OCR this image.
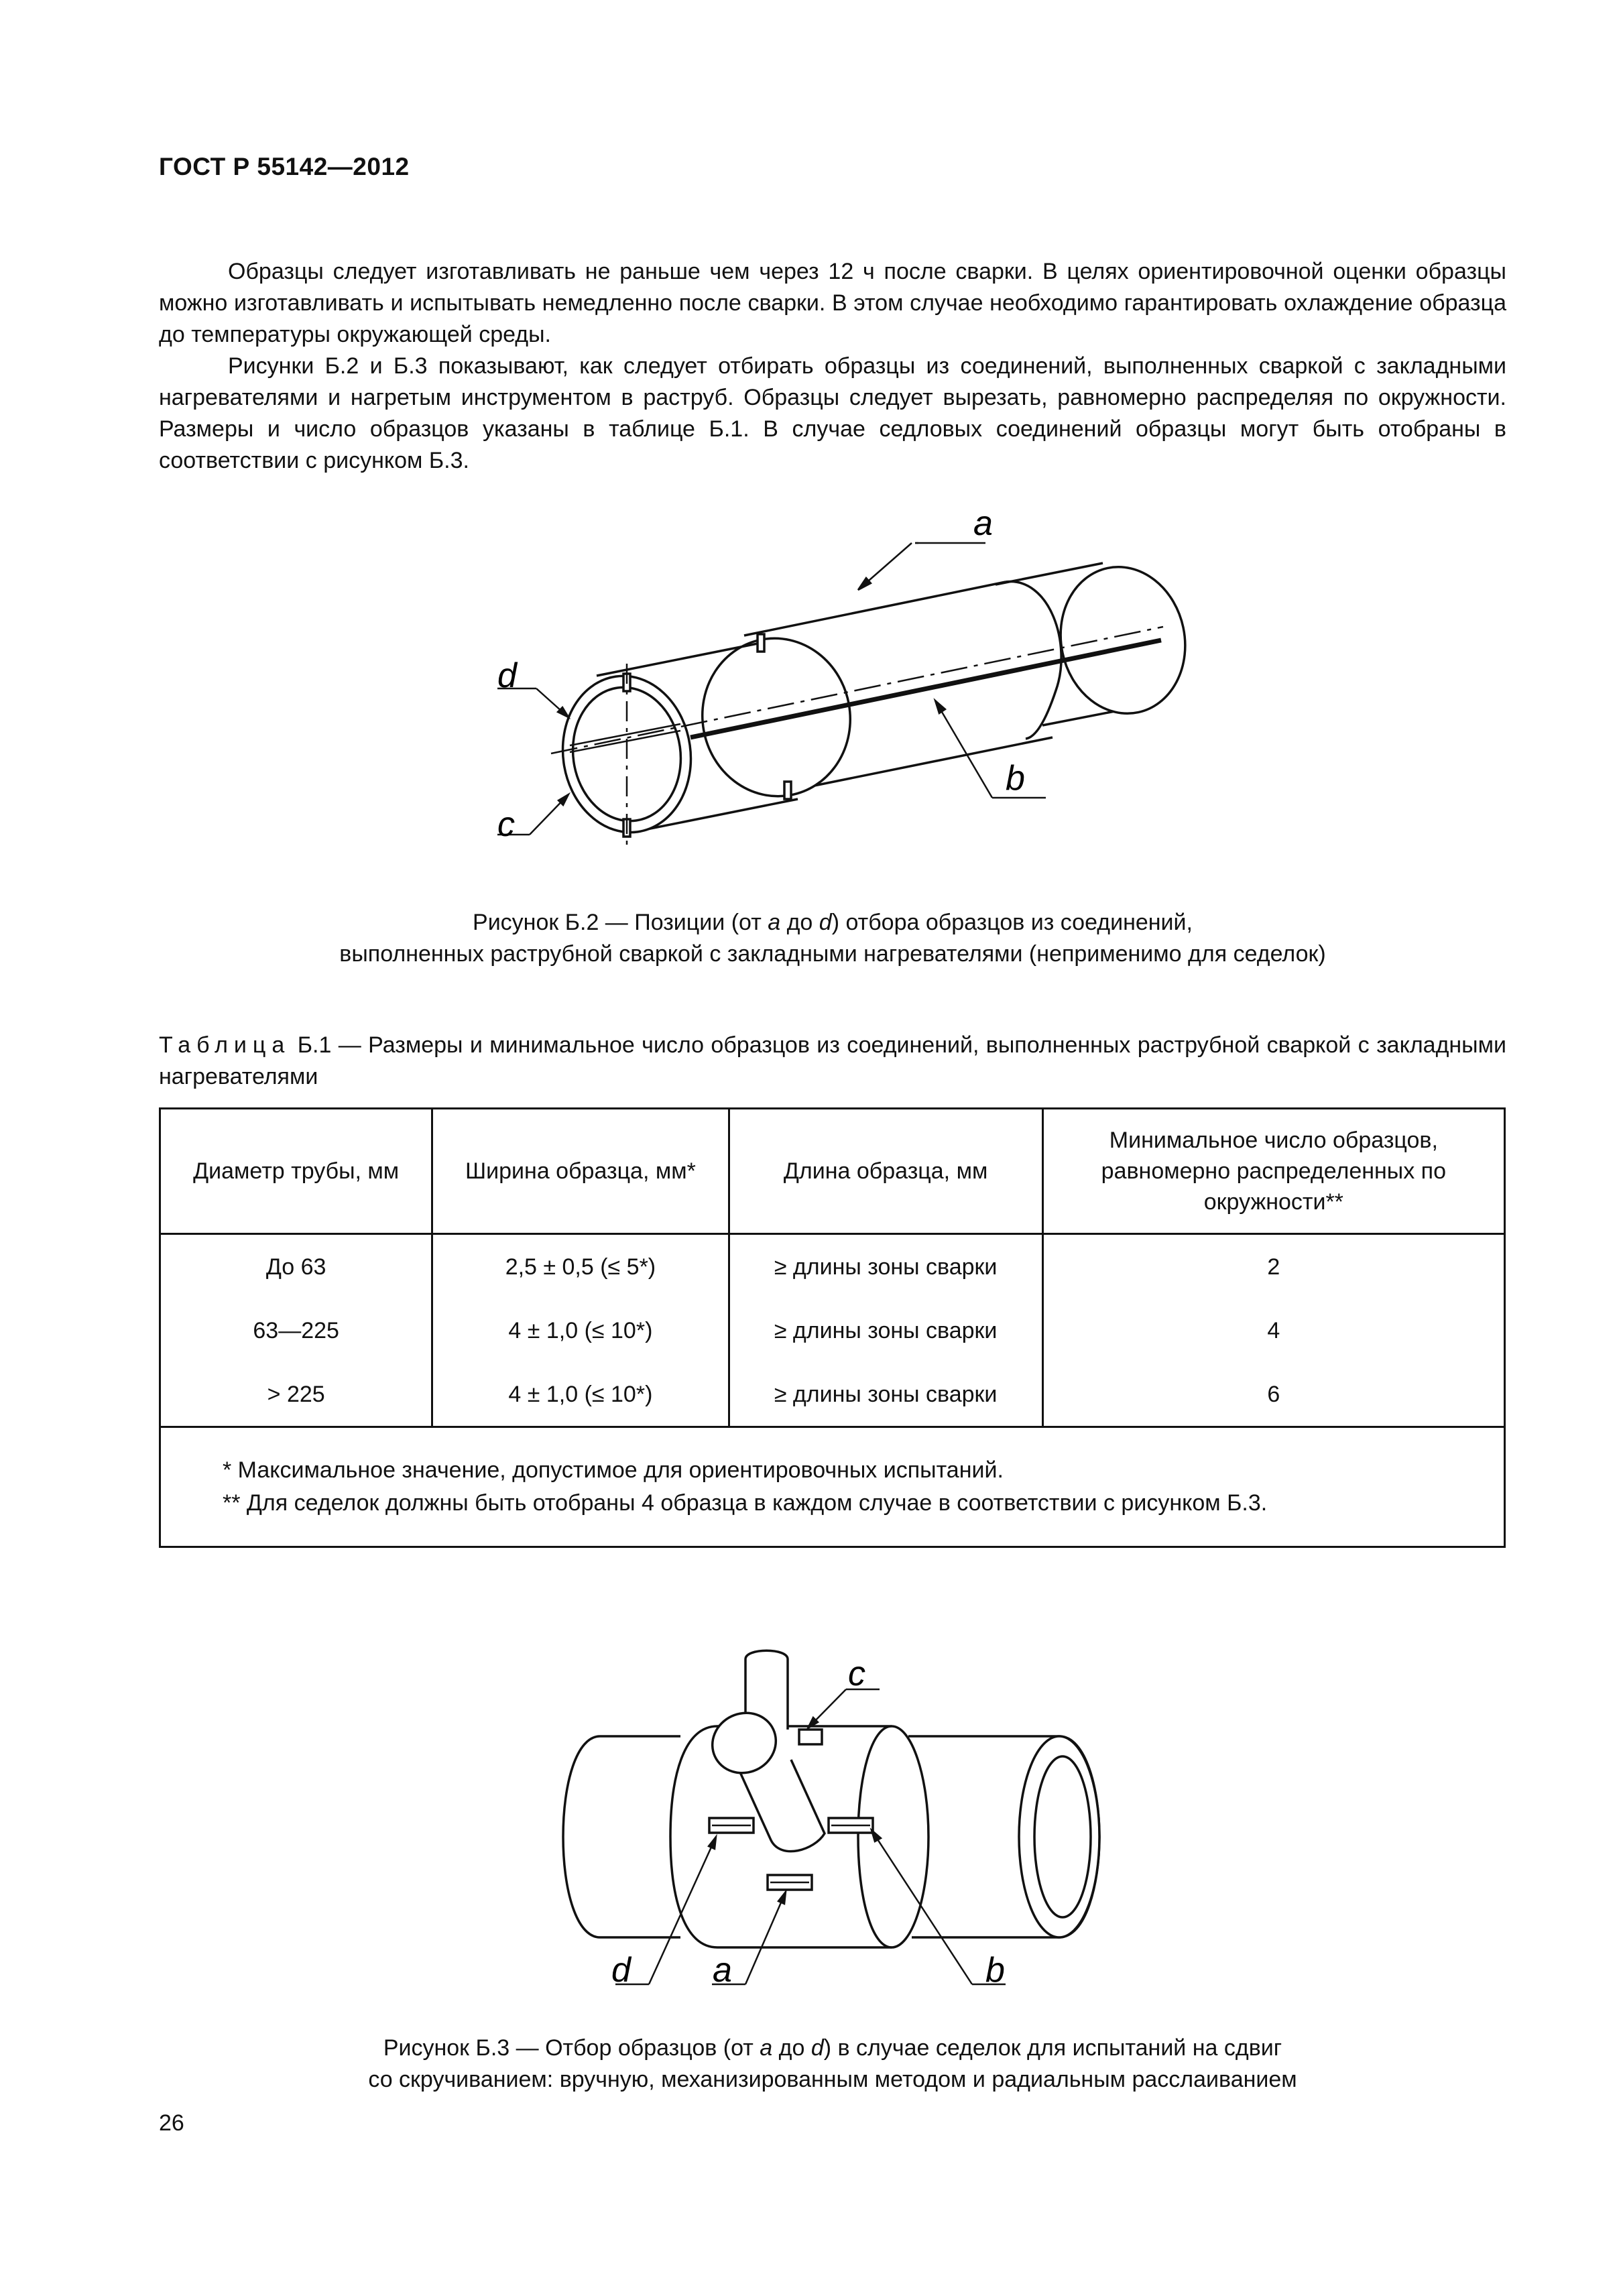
ГОСТ Р 55142—2012
Образцы следует изготавливать не раньше чем через 12 ч после сварки. В целях ориентировочной оценки образцы можно изготавливать и испытывать немедленно после сварки. В этом случае необходимо гарантировать охлаждение образца до температуры окружающей среды.
Рисунки Б.2 и Б.3 показывают, как следует отбирать образцы из соединений, выполненных сваркой с закладными нагревателями и нагретым инструментом в раструб. Образцы следует вырезать, равномерно распределяя по окружности. Размеры и число образцов указаны в таблице Б.1. В случае седловых соединений образцы могут быть отобраны в соответствии с рисунком Б.3.
a
b
c
d
Рисунок Б.2 — Позиции (от a до d) отбора образцов из соединений,
выполненных раструбной сваркой с закладными нагревателями (неприменимо для седелок)
Таблица Б.1 — Размеры и минимальное число образцов из соединений, выполненных раструбной сваркой с закладными нагревателями
Диаметр трубы, мм	Ширина образца, мм*	Длина образца, мм	Минимальное число образцов, равномерно распределенных по окружности**
До 63	2,5 ± 0,5 (≤ 5*)	≥ длины зоны сварки	2
63—225	4 ± 1,0 (≤ 10*)	≥ длины зоны сварки	4
> 225	4 ± 1,0 (≤ 10*)	≥ длины зоны сварки	6

* Максимальное значение, допустимое для ориентировочных испытаний.
** Для седелок должны быть отобраны 4 образца в каждом случае в соответствии с рисунком Б.3.			
c
d a	b
Рисунок Б.3 — Отбор образцов (от a до d) в случае седелок для испытаний на сдвиг
со скручиванием: вручную, механизированным методом и радиальным расслаиванием
26
